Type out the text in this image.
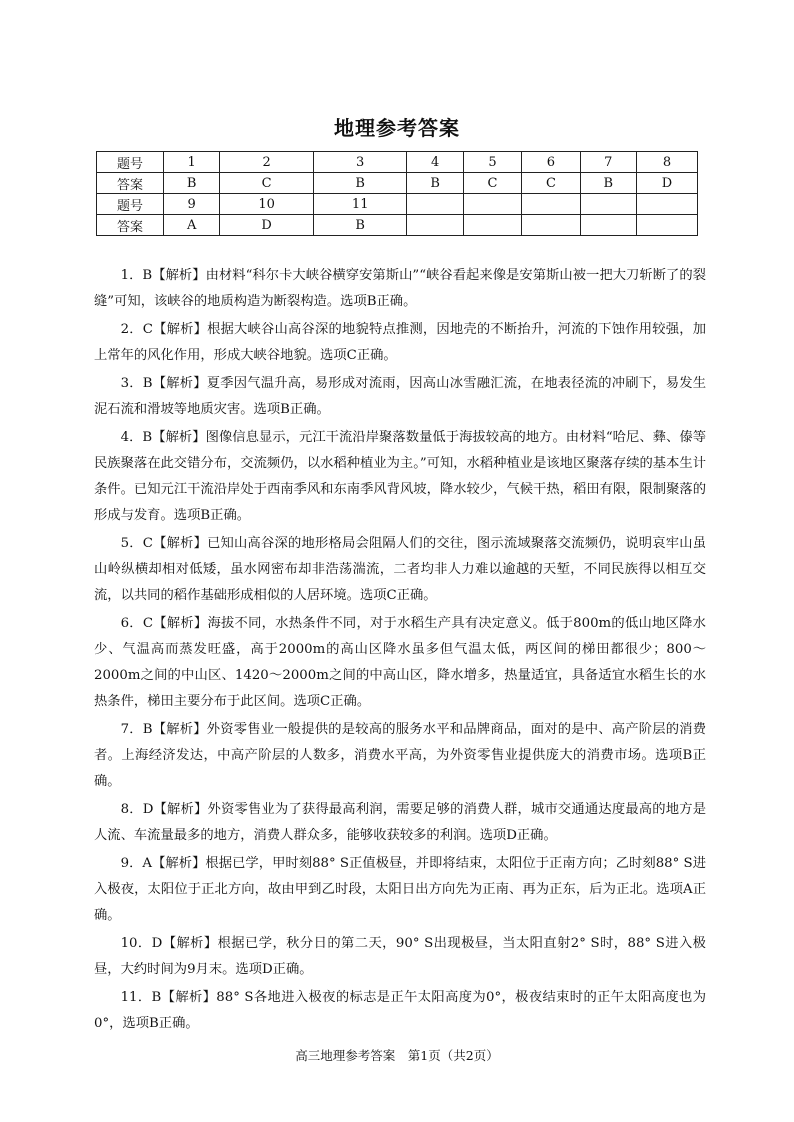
地理参考答案
题号	1	2	3	4	5	6	7	8
答案	B	C	B	B	C	C	B	D
题号	9	10	11					
答案	A	D	B					

1．B【解析】由材料“科尔卡大峡谷横穿安第斯山”“峡谷看起来像是安第斯山被一把大刀斩断了的裂缝”可知，该峡谷的地质构造为断裂构造。选项B正确。

2．C【解析】根据大峡谷山高谷深的地貌特点推测，因地壳的不断抬升，河流的下蚀作用较强，加上常年的风化作用，形成大峡谷地貌。选项C正确。

3．B【解析】夏季因气温升高，易形成对流雨，因高山冰雪融汇流，在地表径流的冲刷下，易发生泥石流和滑坡等地质灾害。选项B正确。

4．B【解析】图像信息显示，元江干流沿岸聚落数量低于海拔较高的地方。由材料“哈尼、彝、傣等民族聚落在此交错分布，交流频仍，以水稻种植业为主。”可知，水稻种植业是该地区聚落存续的基本生计条件。已知元江干流沿岸处于西南季风和东南季风背风坡，降水较少，气候干热，稻田有限，限制聚落的形成与发育。选项B正确。

5．C【解析】已知山高谷深的地形格局会阻隔人们的交往，图示流域聚落交流频仍，说明哀牢山虽山岭纵横却相对低矮，虽水网密布却非浩荡湍流，二者均非人力难以逾越的天堑，不同民族得以相互交流，以共同的稻作基础形成相似的人居环境。选项C正确。

6．C【解析】海拔不同，水热条件不同，对于水稻生产具有决定意义。低于800m的低山地区降水少、气温高而蒸发旺盛，高于2000m的高山区降水虽多但气温太低，两区间的梯田都很少；800～2000m之间的中山区、1420～2000m之间的中高山区，降水增多，热量适宜，具备适宜水稻生长的水热条件，梯田主要分布于此区间。选项C正确。

7．B【解析】外资零售业一般提供的是较高的服务水平和品牌商品，面对的是中、高产阶层的消费者。上海经济发达，中高产阶层的人数多，消费水平高，为外资零售业提供庞大的消费市场。选项B正确。

8．D【解析】外资零售业为了获得最高利润，需要足够的消费人群，城市交通通达度最高的地方是人流、车流量最多的地方，消费人群众多，能够收获较多的利润。选项D正确。

9．A【解析】根据已学，甲时刻88° S正值极昼，并即将结束，太阳位于正南方向；乙时刻88° S进入极夜，太阳位于正北方向，故由甲到乙时段，太阳日出方向先为正南、再为正东，后为正北。选项A正确。

10．D【解析】根据已学，秋分日的第二天，90° S出现极昼，当太阳直射2° S时，88° S进入极昼，大约时间为9月末。选项D正确。

11．B【解析】88° S各地进入极夜的标志是正午太阳高度为0°，极夜结束时的正午太阳高度也为0°，选项B正确。

高三地理参考答案　第1页（共2页）
